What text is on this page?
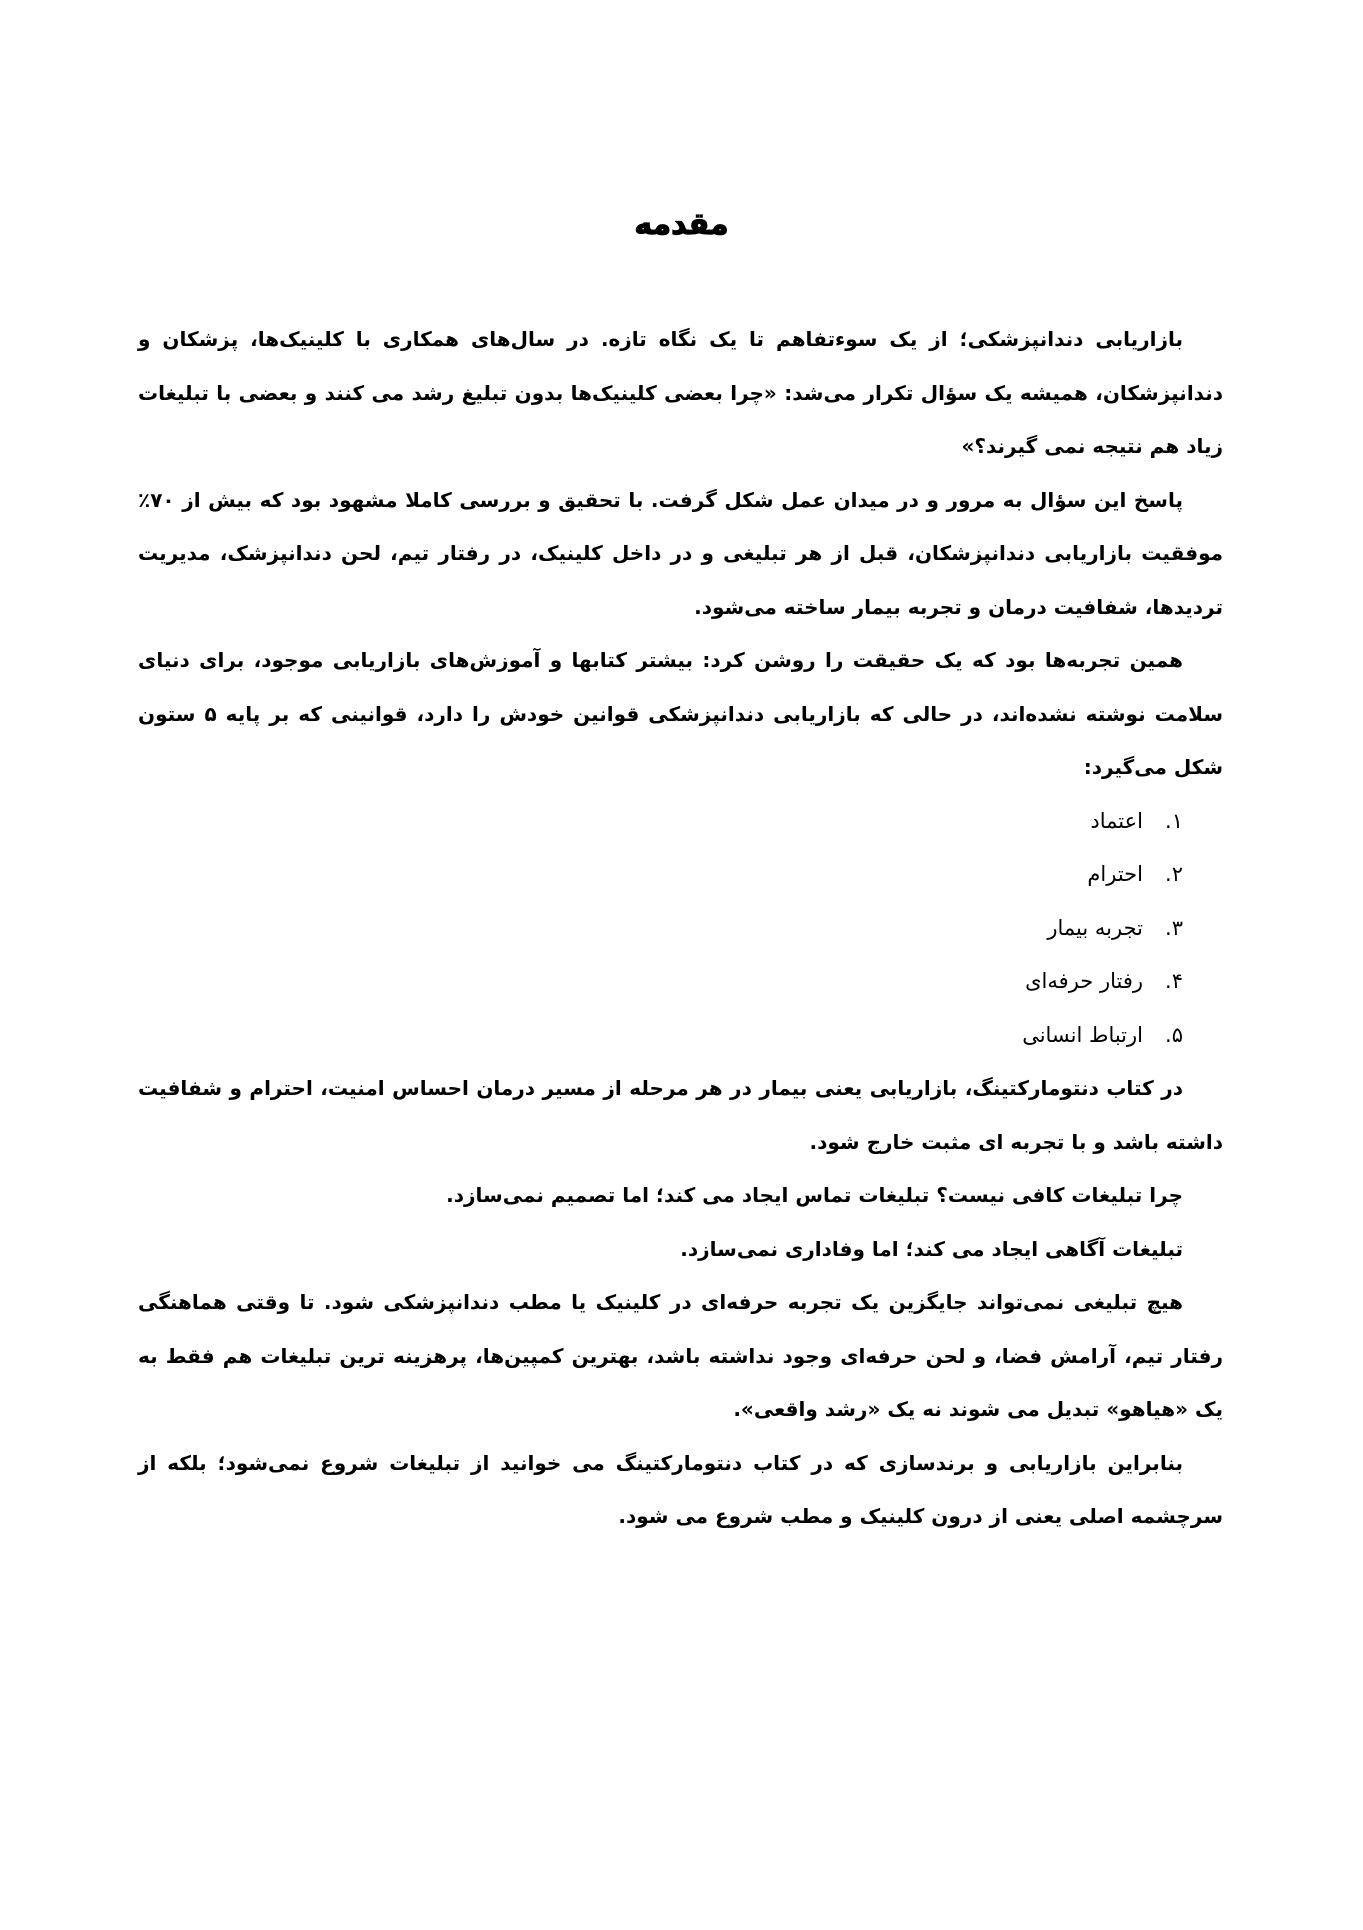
مقدمه

بازاریابی دندانپزشکی؛ از یک سوءتفاهم تا یک نگاه تازه. در سال‌های همکاری با کلینیک‌ها، پزشکان و دندانپزشکان، همیشه یک سؤال تکرار می‌شد: «چرا بعضی کلینیک‌ها بدون تبلیغ رشد می کنند و بعضی با تبلیغات زیاد هم نتیجه نمی گیرند؟»

پاسخ این سؤال به مرور و در میدان عمل شکل گرفت. با تحقیق و بررسی کاملا مشهود بود که بیش از ۷۰٪ موفقیت بازاریابی دندانپزشکان، قبل از هر تبلیغی و در داخل کلینیک، در رفتار تیم، لحن دندانپزشک، مدیریت تردیدها، شفافیت درمان و تجربه بیمار ساخته می‌شود.

همین تجربه‌ها بود که یک حقیقت را روشن کرد: بیشتر کتابها و آموزش‌های بازاریابی موجود، برای دنیای سلامت نوشته نشده‌اند، در حالی که بازاریابی دندانپزشکی قوانین خودش را دارد، قوانینی که بر پایه ۵ ستون شکل می‌گیرد:

۱.
اعتماد
۲.
احترام
۳.
تجربه بیمار
۴.
رفتار حرفه‌ای
۵.
ارتباط انسانی

در کتاب دنتومارکتینگ، بازاریابی یعنی بیمار در هر مرحله از مسیر درمان احساس امنیت، احترام و شفافیت داشته باشد و با تجربه ای مثبت خارج شود.

چرا تبلیغات کافی نیست؟ تبلیغات تماس ایجاد می کند؛ اما تصمیم نمی‌سازد.

تبلیغات آگاهی ایجاد می کند؛ اما وفاداری نمی‌سازد.

هیچ تبلیغی نمی‌تواند جایگزین یک تجربه حرفه‌ای در کلینیک یا مطب دندانپزشکی شود. تا وقتی هماهنگی رفتار تیم، آرامش فضا، و لحن حرفه‌ای وجود نداشته باشد، بهترین کمپین‌ها، پرهزینه ترین تبلیغات هم فقط به یک «هیاهو» تبدیل می شوند نه یک «رشد واقعی».

بنابراین بازاریابی و برندسازی که در کتاب دنتومارکتینگ می خوانید از تبلیغات شروع نمی‌شود؛ بلکه از سرچشمه اصلی یعنی از درون کلینیک و مطب شروع می شود.
